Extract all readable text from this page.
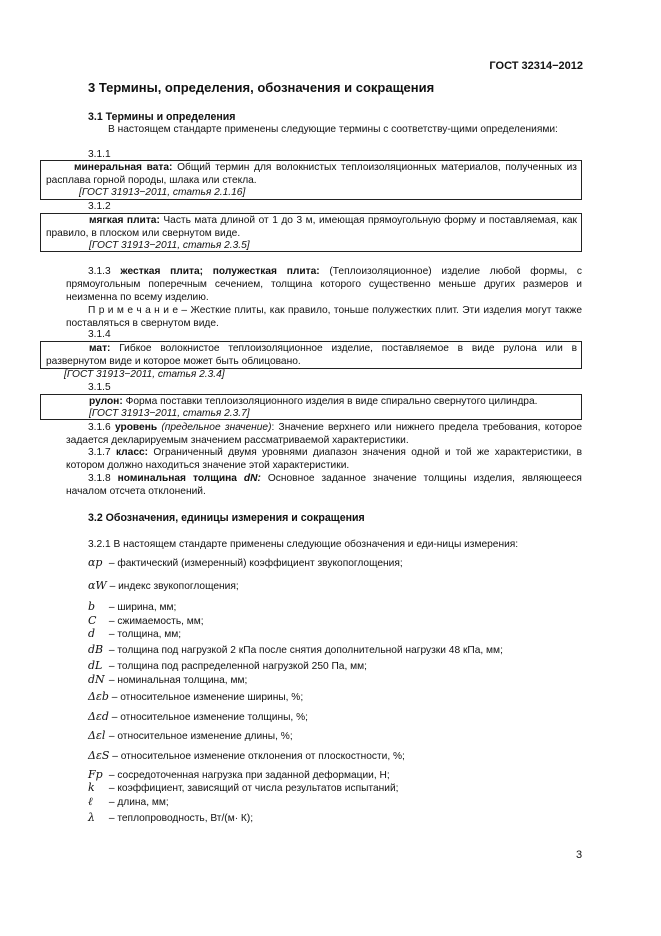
ГОСТ 32314−2012
3 Термины, определения, обозначения и сокращения
3.1 Термины и определения
В настоящем стандарте применены следующие термины с соответству-щими определениями:
3.1.1
минеральная вата: Общий термин для волокнистых теплоизоляционных материалов, полученных из расплава горной породы, шлака или стекла.
[ГОСТ 31913−2011, статья 2.1.16]
3.1.2
мягкая плита: Часть мата длиной от 1 до 3 м, имеющая прямоугольную форму и поставляемая, как правило, в плоском или свернутом виде.
[ГОСТ 31913−2011, статья 2.3.5]
3.1.3 жесткая плита; полужесткая плита: (Теплоизоляционное) изделие любой формы, с прямоугольным поперечным сечением, толщина которого существенно меньше других размеров и неизменна по всему изделию.
П р и м е ч а н и е – Жесткие плиты, как правило, тоньше полужестких плит. Эти изделия могут также поставляться в свернутом виде.
3.1.4
мат: Гибкое волокнистое теплоизоляционное изделие, поставляемое в виде рулона или в развернутом виде и которое может быть облицовано.
[ГОСТ 31913−2011, статья 2.3.4]
3.1.5
рулон: Форма поставки теплоизоляционного изделия в виде спирально свернутого цилиндра.
[ГОСТ 31913−2011, статья 2.3.7]
3.1.6 уровень (предельное значение): Значение верхнего или нижнего предела требования, которое задается декларируемым значением рассматриваемой характеристики.
3.1.7 класс: Ограниченный двумя уровнями диапазон значения одной и той же характеристики, в котором должно находиться значение этой характеристики.
3.1.8 номинальная толщина dN: Основное заданное значение толщины изделия, являющееся началом отсчета отклонений.
3.2 Обозначения, единицы измерения и сокращения
3.2.1 В настоящем стандарте применены следующие обозначения и еди-ницы измерения:
αp – фактический (измеренный) коэффициент звукопоглощения;
αW – индекс звукопоглощения;
b – ширина, мм;
C – сжимаемость, мм;
d – толщина, мм;
dB – толщина под нагрузкой 2 кПа после снятия дополнительной нагрузки 48 кПа, мм;
dL – толщина под распределенной нагрузкой 250 Па, мм;
dN – номинальная толщина, мм;
Δεb – относительное изменение ширины, %;
Δεd – относительное изменение толщины, %;
Δεl – относительное изменение длины, %;
ΔεS – относительное изменение отклонения от плоскостности, %;
Fp – сосредоточенная нагрузка при заданной деформации, Н;
k – коэффициент, зависящий от числа результатов испытаний;
ℓ – длина, мм;
λ – теплопроводность, Вт/(м· К);
3
